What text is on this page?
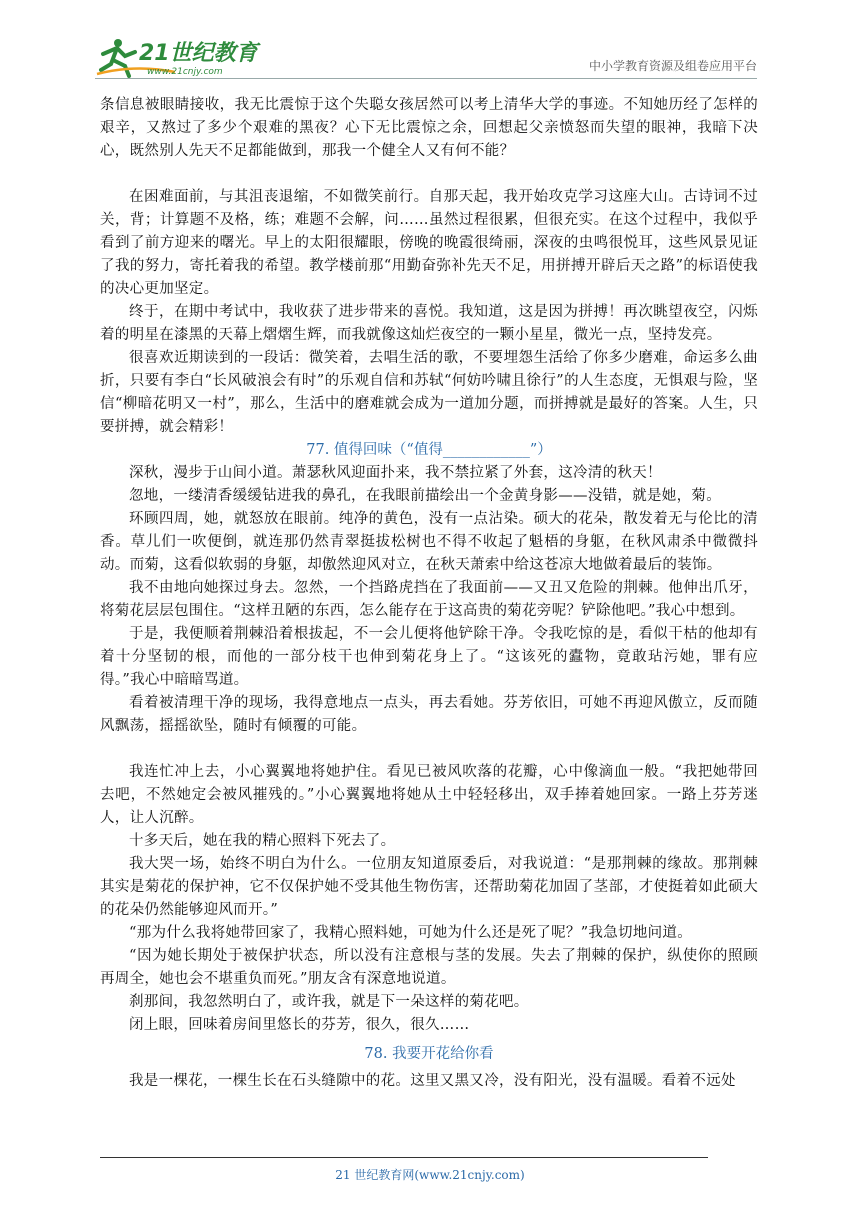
21世纪教育
www.21cnjy.com	中小学教育资源及组卷应用平台

条信息被眼睛接收，我无比震惊于这个失聪女孩居然可以考上清华大学的事迹。不知她历经了怎样的艰辛，又熬过了多少个艰难的黑夜？心下无比震惊之余，回想起父亲愤怒而失望的眼神，我暗下决心，既然别人先天不足都能做到，那我一个健全人又有何不能？

在困难面前，与其沮丧退缩，不如微笑前行。自那天起，我开始攻克学习这座大山。古诗词不过关，背；计算题不及格，练；难题不会解，问……虽然过程很累，但很充实。在这个过程中，我似乎看到了前方迎来的曙光。早上的太阳很耀眼，傍晚的晚霞很绮丽，深夜的虫鸣很悦耳，这些风景见证了我的努力，寄托着我的希望。教学楼前那“用勤奋弥补先天不足，用拼搏开辟后天之路”的标语使我的决心更加坚定。

终于，在期中考试中，我收获了进步带来的喜悦。我知道，这是因为拼搏！再次眺望夜空，闪烁着的明星在漆黑的天幕上熠熠生辉，而我就像这灿烂夜空的一颗小星星，微光一点，坚持发亮。

很喜欢近期读到的一段话：微笑着，去唱生活的歌，不要埋怨生活给了你多少磨难，命运多么曲折，只要有李白“长风破浪会有时”的乐观自信和苏轼“何妨吟啸且徐行”的人生态度，无惧艰与险，坚信“柳暗花明又一村”，那么，生活中的磨难就会成为一道加分题，而拼搏就是最好的答案。人生，只要拼搏，就会精彩！

77. 值得回味（“值得____________”）

深秋，漫步于山间小道。萧瑟秋风迎面扑来，我不禁拉紧了外套，这冷清的秋天！

忽地，一缕清香缓缓钻进我的鼻孔，在我眼前描绘出一个金黄身影——没错，就是她，菊。

环顾四周，她，就怒放在眼前。纯净的黄色，没有一点沾染。硕大的花朵，散发着无与伦比的清香。草儿们一吹便倒，就连那仍然青翠挺拔松树也不得不收起了魁梧的身躯，在秋风肃杀中微微抖动。而菊，这看似软弱的身躯，却傲然迎风对立，在秋天萧索中给这苍凉大地做着最后的装饰。

我不由地向她探过身去。忽然，一个挡路虎挡在了我面前——又丑又危险的荆棘。他伸出爪牙，将菊花层层包围住。“这样丑陋的东西，怎么能存在于这高贵的菊花旁呢？铲除他吧。”我心中想到。

于是，我便顺着荆棘沿着根拔起，不一会儿便将他铲除干净。令我吃惊的是，看似干枯的他却有着十分坚韧的根，而他的一部分枝干也伸到菊花身上了。“这该死的蠹物，竟敢玷污她，罪有应得。”我心中暗暗骂道。

看着被清理干净的现场，我得意地点一点头，再去看她。芬芳依旧，可她不再迎风傲立，反而随风飘荡，摇摇欲坠，随时有倾覆的可能。

我连忙冲上去，小心翼翼地将她护住。看见已被风吹落的花瓣，心中像滴血一般。“我把她带回去吧，不然她定会被风摧残的。”小心翼翼地将她从土中轻轻移出，双手捧着她回家。一路上芬芳迷人，让人沉醉。

十多天后，她在我的精心照料下死去了。

我大哭一场，始终不明白为什么。一位朋友知道原委后，对我说道：“是那荆棘的缘故。那荆棘其实是菊花的保护神，它不仅保护她不受其他生物伤害，还帮助菊花加固了茎部，才使挺着如此硕大的花朵仍然能够迎风而开。”

“那为什么我将她带回家了，我精心照料她，可她为什么还是死了呢？”我急切地问道。

“因为她长期处于被保护状态，所以没有注意根与茎的发展。失去了荆棘的保护，纵使你的照顾再周全，她也会不堪重负而死。”朋友含有深意地说道。

刹那间，我忽然明白了，或许我，就是下一朵这样的菊花吧。

闭上眼，回味着房间里悠长的芬芳，很久，很久……

78. 我要开花给你看

我是一棵花，一棵生长在石头缝隙中的花。这里又黑又冷，没有阳光，没有温暖。看着不远处

21 世纪教育网(www.21cnjy.com)
